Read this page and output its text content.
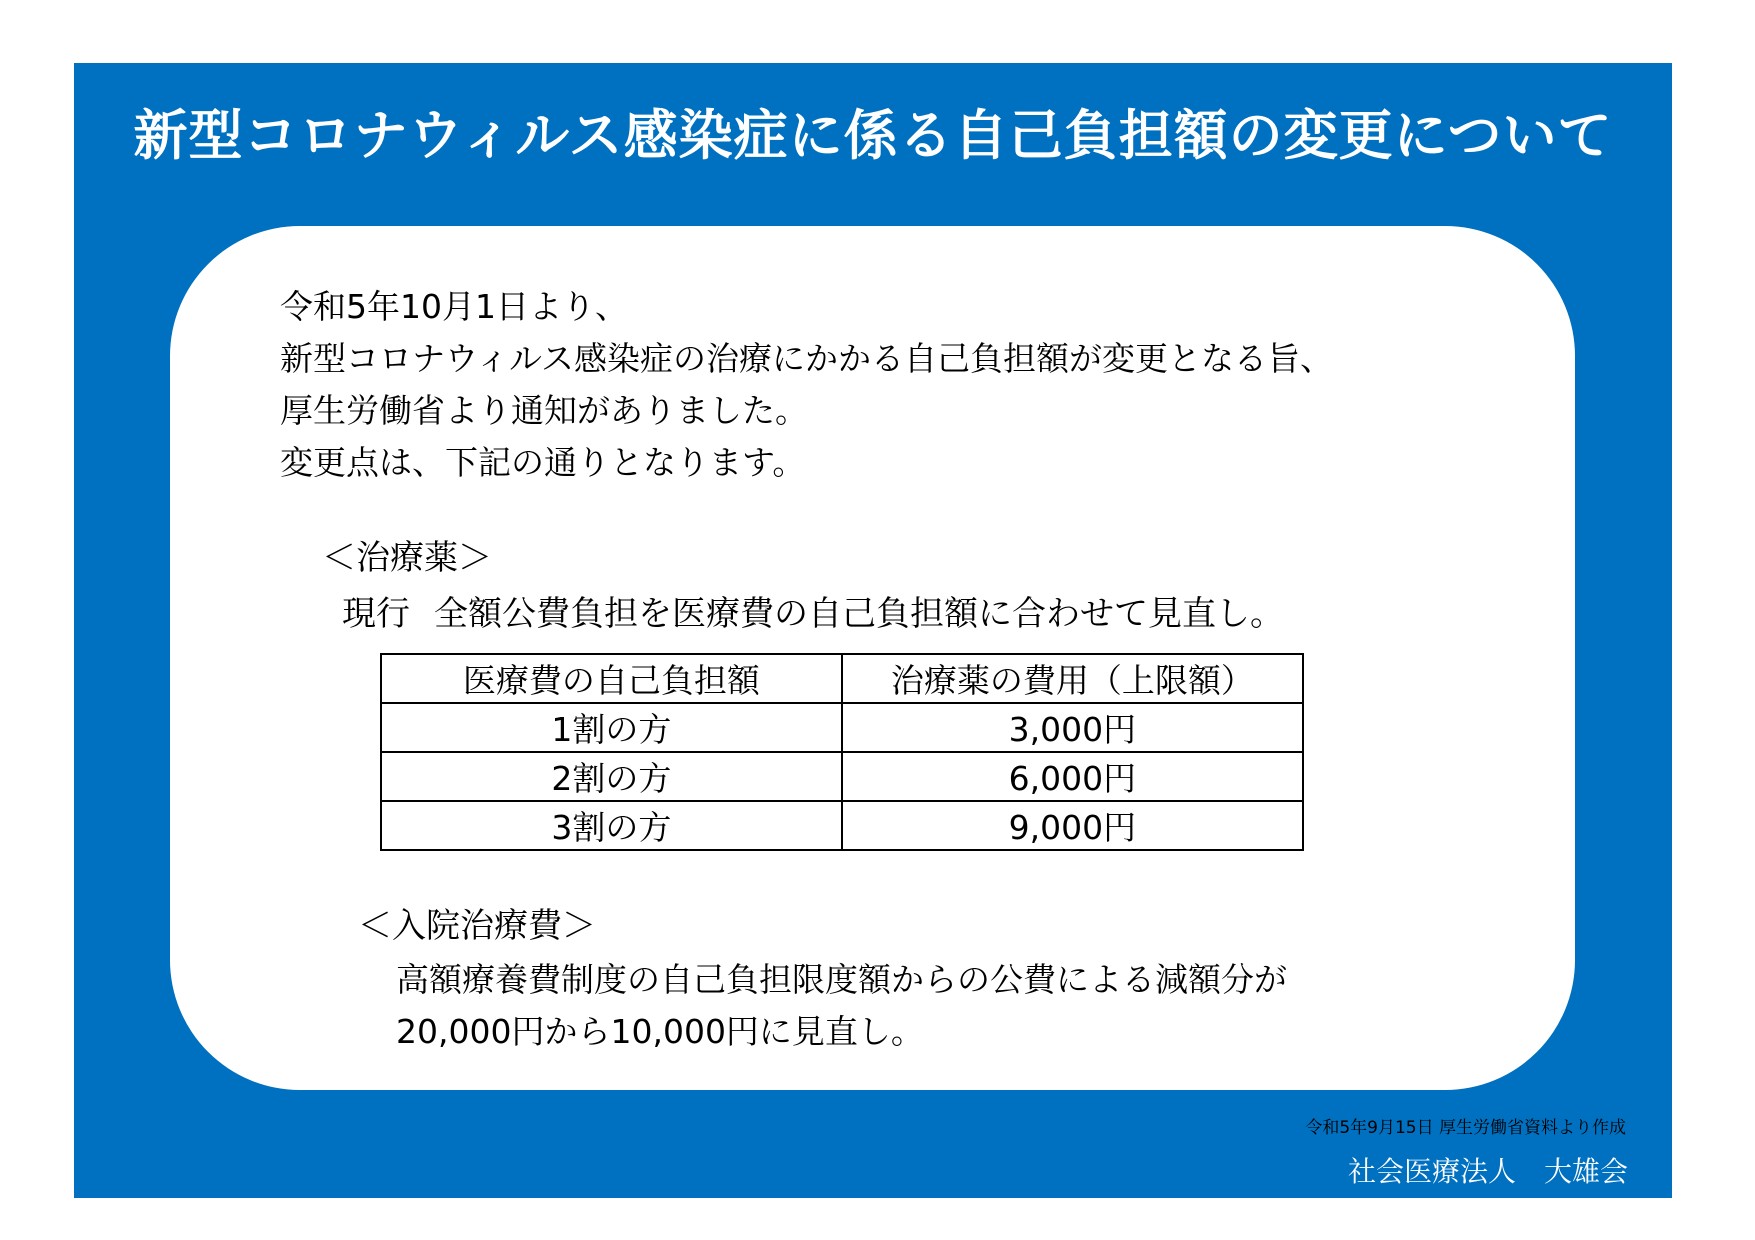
新型コロナウィルス感染症に係る自己負担額の変更について
令和5年10月1日より、
新型コロナウィルス感染症の治療にかかる自己負担額が変更となる旨、
厚生労働省より通知がありました。
変更点は、下記の通りとなります。
＜治療薬＞
現行 全額公費負担を医療費の自己負担額に合わせて見直し。
医療費の自己負担額	治療薬の費用（上限額）
1割の方	3,000円
2割の方	6,000円
3割の方	9,000円
＜入院治療費＞
高額療養費制度の自己負担限度額からの公費による減額分が
20,000円から10,000円に見直し。
令和5年9月15日 厚生労働省資料より作成
社会医療法人　大雄会
